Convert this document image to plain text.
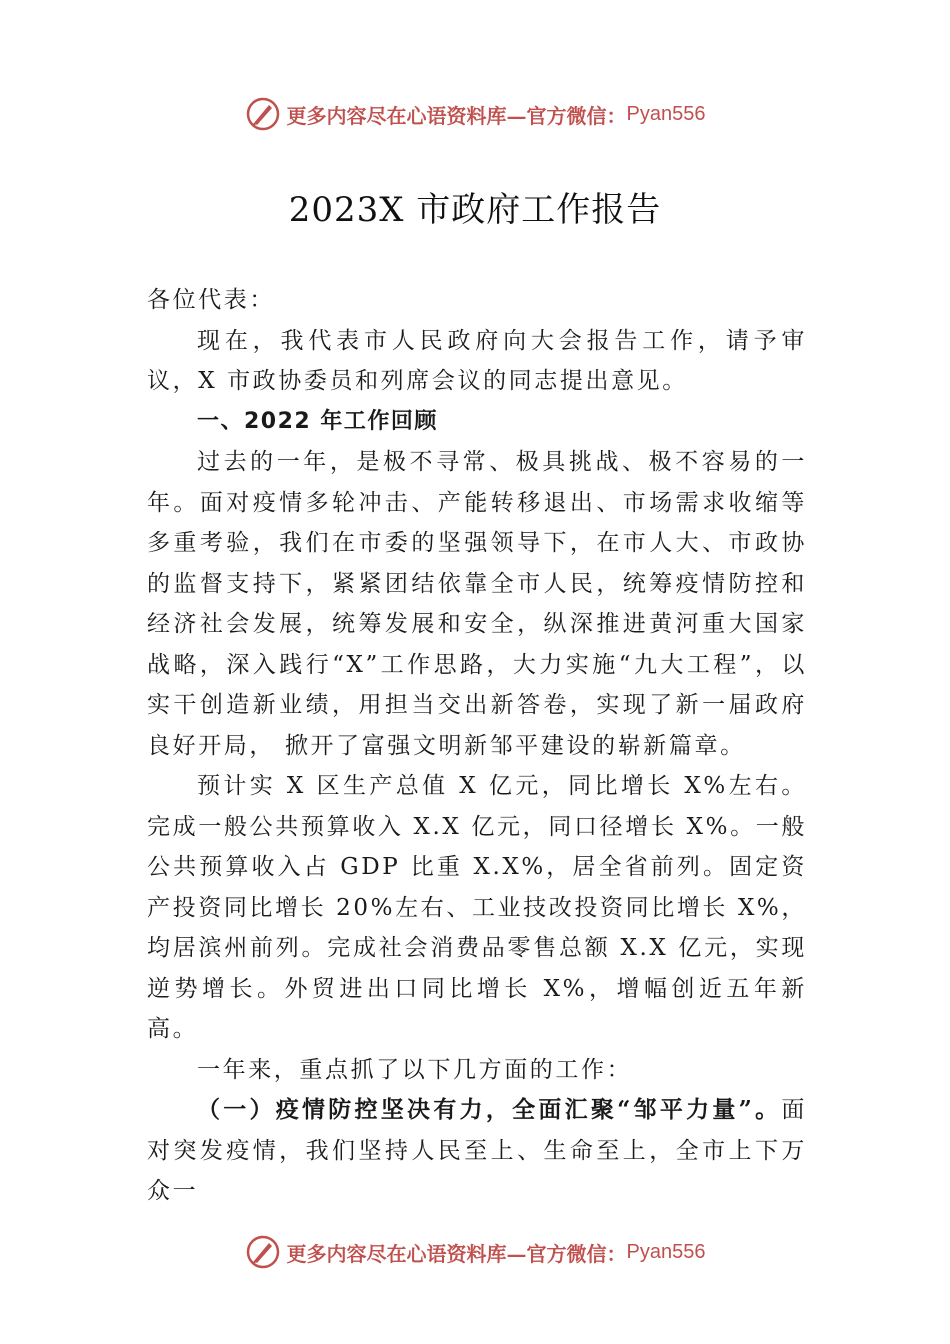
更多内容尽在心语资料库—官方微信： Pyan556
2023X 市政府工作报告

各位代表：

现在，我代表市人民政府向大会报告工作，请予审议，X 市政协委员和列席会议的同志提出意见。

一、2022 年工作回顾

过去的一年，是极不寻常、极具挑战、极不容易的一年。面对疫情多轮冲击、产能转移退出、市场需求收缩等多重考验，我们在市委的坚强领导下，在市人大、市政协的监督支持下，紧紧团结依靠全市人民，统筹疫情防控和经济社会发展，统筹发展和安全，纵深推进黄河重大国家战略，深入践行“X”工作思路，大力实施“九大工程”，以实干创造新业绩，用担当交出新答卷，实现了新一届政府良好开局， 掀开了富强文明新邹平建设的崭新篇章。

预计实 X 区生产总值 X 亿元，同比增长 X%左右。完成一般公共预算收入 X.X 亿元，同口径增长 X%。一般公共预算收入占 GDP 比重 X.X%，居全省前列。固定资产投资同比增长 20%左右、工业技改投资同比增长 X%，均居滨州前列。完成社会消费品零售总额 X.X 亿元，实现逆势增长。外贸进出口同比增长 X%，增幅创近五年新高。

一年来，重点抓了以下几方面的工作：

（一）疫情防控坚决有力，全面汇聚“邹平力量”。面对突发疫情，我们坚持人民至上、生命至上，全市上下万众一

更多内容尽在心语资料库—官方微信： Pyan556
